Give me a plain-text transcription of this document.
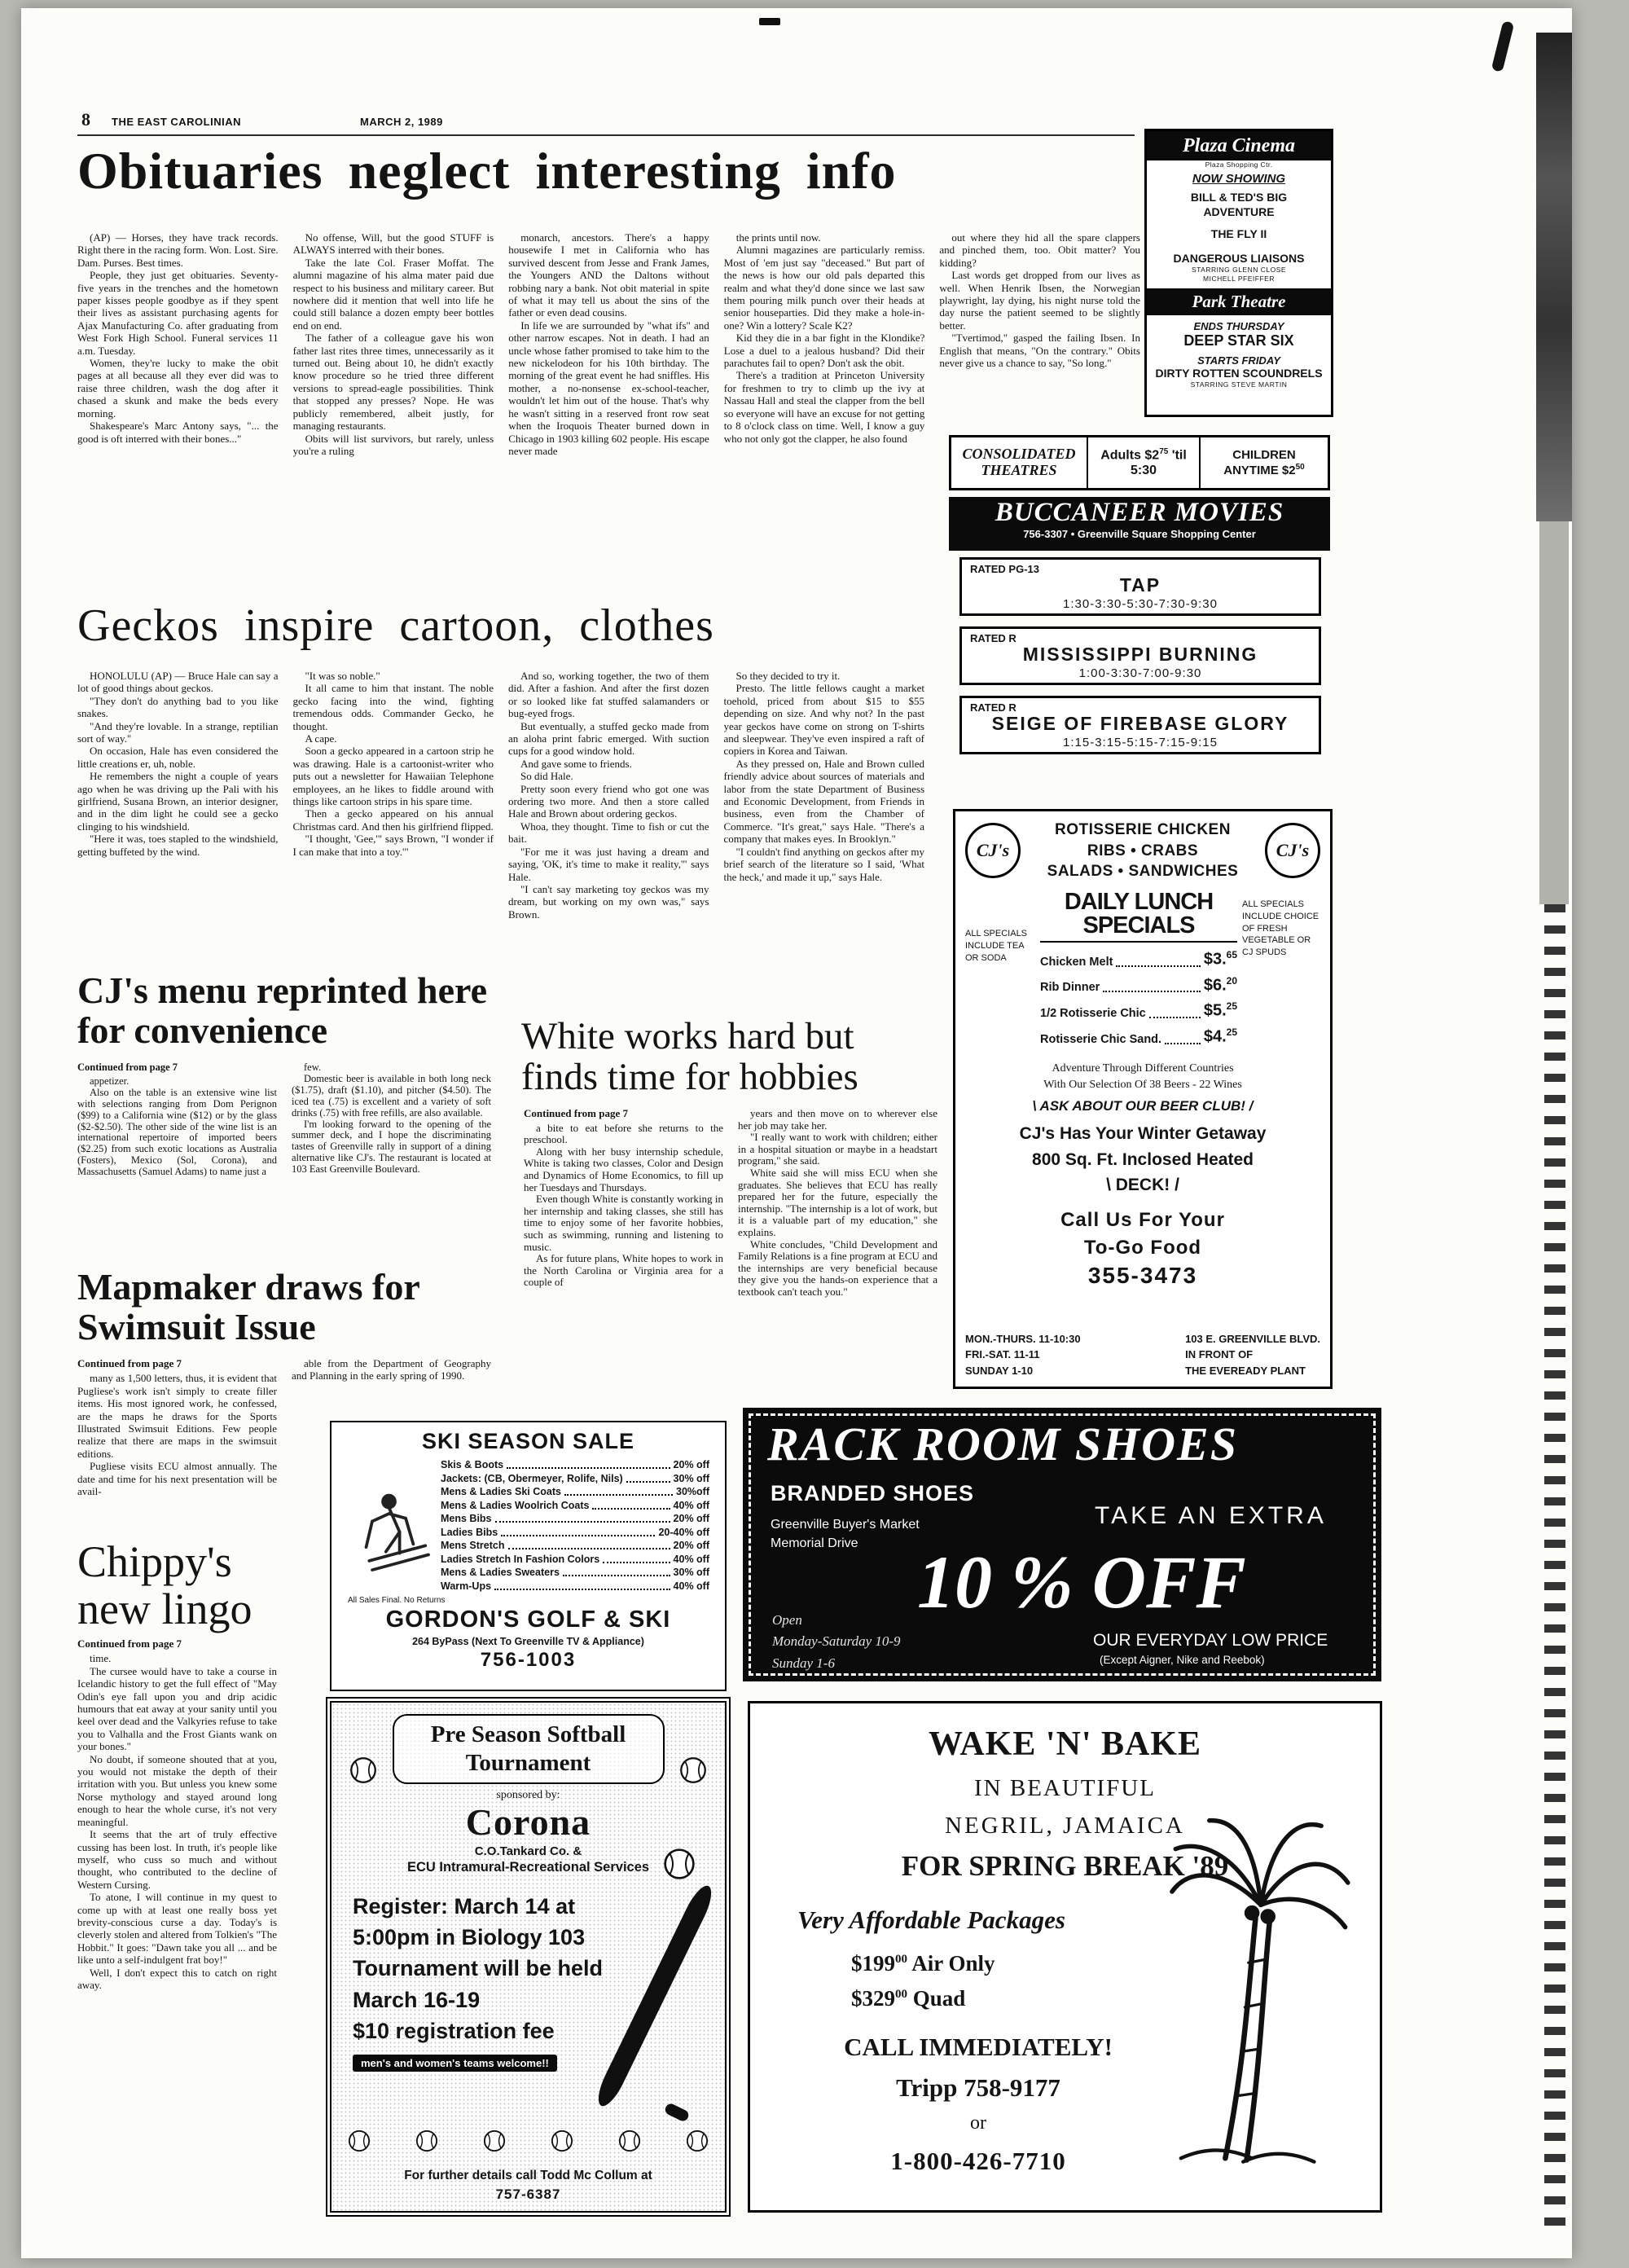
8 THE EAST CAROLINIAN	MARCH 2, 1989
Obituaries neglect interesting info

(AP) — Horses, they have track records. Right there in the racing form. Won. Lost. Sire. Dam. Purses. Best times.

People, they just get obituaries. Seventy-five years in the trenches and the hometown paper kisses people goodbye as if they spent their lives as assistant purchasing agents for Ajax Manufacturing Co. after graduating from West Fork High School. Funeral services 11 a.m. Tuesday.

Women, they're lucky to make the obit pages at all because all they ever did was to raise three children, wash the dog after it chased a skunk and make the beds every morning.

Shakespeare's Marc Antony says, "... the good is oft interred with their bones..."

No offense, Will, but the good STUFF is ALWAYS interred with their bones.

Take the late Col. Fraser Moffat. The alumni magazine of his alma mater paid due respect to his business and military career. But nowhere did it mention that well into life he could still balance a dozen empty beer bottles end on end.

The father of a colleague gave his won father last rites three times, unnecessarily as it turned out. Being about 10, he didn't exactly know procedure so he tried three different versions to spread-eagle possibilities. Think that stopped any presses? Nope. He was publicly remembered, albeit justly, for managing restaurants.

Obits will list survivors, but rarely, unless you're a ruling

monarch, ancestors. There's a happy housewife I met in California who has survived descent from Jesse and Frank James, the Youngers AND the Daltons without robbing nary a bank. Not obit material in spite of what it may tell us about the sins of the father or even dead cousins.

In life we are surrounded by "what ifs" and other narrow escapes. Not in death. I had an uncle whose father promised to take him to the new nickelodeon for his 10th birthday. The morning of the great event he had sniffles. His mother, a no-nonsense ex-school-teacher, wouldn't let him out of the house. That's why he wasn't sitting in a reserved front row seat when the Iroquois Theater burned down in Chicago in 1903 killing 602 people. His escape never made

the prints until now.

Alumni magazines are particularly remiss. Most of 'em just say "deceased." But part of the news is how our old pals departed this realm and what they'd done since we last saw them pouring milk punch over their heads at senior houseparties. Did they make a hole-in-one? Win a lottery? Scale K2?

Kid they die in a bar fight in the Klondike? Lose a duel to a jealous husband? Did their parachutes fail to open? Don't ask the obit.

There's a tradition at Princeton University for freshmen to try to climb up the ivy at Nassau Hall and steal the clapper from the bell so everyone will have an excuse for not getting to 8 o'clock class on time. Well, I know a guy who not only got the clapper, he also found

out where they hid all the spare clappers and pinched them, too. Obit matter? You kidding?

Last words get dropped from our lives as well. When Henrik Ibsen, the Norwegian playwright, lay dying, his night nurse told the day nurse the patient seemed to be slightly better.

"Tvertimod," gasped the failing Ibsen. In English that means, "On the contrary." Obits never give us a chance to say, "So long."

Geckos inspire cartoon, clothes

HONOLULU (AP) — Bruce Hale can say a lot of good things about geckos.

"They don't do anything bad to you like snakes.

"And they're lovable. In a strange, reptilian sort of way."

On occasion, Hale has even considered the little creations er, uh, noble.

He remembers the night a couple of years ago when he was driving up the Pali with his girlfriend, Susana Brown, an interior designer, and in the dim light he could see a gecko clinging to his windshield.

"Here it was, toes stapled to the windshield, getting buffeted by the wind.

"It was so noble."

It all came to him that instant. The noble gecko facing into the wind, fighting tremendous odds. Commander Gecko, he thought.

A cape.

Soon a gecko appeared in a cartoon strip he was drawing. Hale is a cartoonist-writer who puts out a newsletter for Hawaiian Telephone employees, an he likes to fiddle around with things like cartoon strips in his spare time.

Then a gecko appeared on his annual Christmas card. And then his girlfriend flipped.

"I thought, 'Gee,'" says Brown, "I wonder if I can make that into a toy.'"

And so, working together, the two of them did. After a fashion. And after the first dozen or so looked like fat stuffed salamanders or bug-eyed frogs.

But eventually, a stuffed gecko made from an aloha print fabric emerged. With suction cups for a good window hold.

And gave some to friends.

So did Hale.

Pretty soon every friend who got one was ordering two more. And then a store called Hale and Brown about ordering geckos.

Whoa, they thought. Time to fish or cut the bait.

"For me it was just having a dream and saying, 'OK, it's time to make it reality,'" says Hale.

"I can't say marketing toy geckos was my dream, but working on my own was," says Brown.

So they decided to try it.

Presto. The little fellows caught a market toehold, priced from about $15 to $55 depending on size. And why not? In the past year geckos have come on strong on T-shirts and sleepwear. They've even inspired a raft of copiers in Korea and Taiwan.

As they pressed on, Hale and Brown culled friendly advice about sources of materials and labor from the state Department of Business and Economic Development, from Friends in business, even from the Chamber of Commerce. "It's great," says Hale. "There's a company that makes eyes. In Brooklyn."

"I couldn't find anything on geckos after my brief search of the literature so I said, 'What the heck,' and made it up," says Hale.

CJ's menu reprinted here for convenience

Continued from page 7

appetizer.

Also on the table is an extensive wine list with selections ranging from Dom Perignon ($99) to a California wine ($12) or by the glass ($2-$2.50). The other side of the wine list is an international repertoire of imported beers ($2.25) from such exotic locations as Australia (Fosters), Mexico (Sol, Corona), and Massachusetts (Samuel Adams) to name just a

few.

Domestic beer is available in both long neck ($1.75), draft ($1.10), and pitcher ($4.50). The iced tea (.75) is excellent and a variety of soft drinks (.75) with free refills, are also available.

I'm looking forward to the opening of the summer deck, and I hope the discriminating tastes of Greenville rally in support of a dining alternative like CJ's. The restaurant is located at 103 East Greenville Boulevard.

White works hard but finds time for hobbies

Continued from page 7

a bite to eat before she returns to the preschool.

Along with her busy internship schedule, White is taking two classes, Color and Design and Dynamics of Home Economics, to fill up her Tuesdays and Thursdays.

Even though White is constantly working in her internship and taking classes, she still has time to enjoy some of her favorite hobbies, such as swimming, running and listening to music.

As for future plans, White hopes to work in the North Carolina or Virginia area for a couple of

years and then move on to wherever else her job may take her.

"I really want to work with children; either in a hospital situation or maybe in a headstart program," she said.

White said she will miss ECU when she graduates. She believes that ECU has really prepared her for the future, especially the internship. "The internship is a lot of work, but it is a valuable part of my education," she explains.

White concludes, "Child Development and Family Relations is a fine program at ECU and the internships are very beneficial because they give you the hands-on experience that a textbook can't teach you."

Mapmaker draws for Swimsuit Issue

Continued from page 7

many as 1,500 letters, thus, it is evident that Pugliese's work isn't simply to create filler items. His most ignored work, he confessed, are the maps he draws for the Sports Illustrated Swimsuit Editions. Few people realize that there are maps in the swimsuit editions.

Pugliese visits ECU almost annually. The date and time for his next presentation will be avail-

able from the Department of Geography and Planning in the early spring of 1990.

Chippy's new lingo

Continued from page 7

time.

The cursee would have to take a course in Icelandic history to get the full effect of "May Odin's eye fall upon you and drip acidic humours that eat away at your sanity until you keel over dead and the Valkyries refuse to take you to Valhalla and the Frost Giants wank on your bones."

No doubt, if someone shouted that at you, you would not mistake the depth of their irritation with you. But unless you knew some Norse mythology and stayed around long enough to hear the whole curse, it's not very meaningful.

It seems that the art of truly effective cussing has been lost. In truth, it's people like myself, who cuss so much and without thought, who contributed to the decline of Western Cursing.

To atone, I will continue in my quest to come up with at least one really boss yet brevity-conscious curse a day. Today's is cleverly stolen and altered from Tolkien's "The Hobbit." It goes: "Dawn take you all ... and be like unto a self-indulgent frat boy!"

Well, I don't expect this to catch on right away.

Plaza Cinema
Plaza Shopping Ctr.
NOW SHOWING
BILL & TED'S BIG
ADVENTURE
THE FLY II
DANGEROUS LIAISONS
STARRING GLENN CLOSE
MICHELL PFEIFFER
Park Theatre
ENDS THURSDAY
DEEP STAR SIX
STARTS FRIDAY
DIRTY ROTTEN SCOUNDRELS
STARRING STEVE MARTIN
CONSOLIDATED
THEATRES
Adults $\$2^{75}$ 'til
5:30
CHILDREN
ANYTIME $\$2^{50}$
BUCCANEER MOVIES
756-3307 • Greenville Square Shopping Center
RATED PG-13
TAP
1:30-3:30-5:30-7:30-9:30
RATED R
MISSISSIPPI BURNING
1:00-3:30-7:00-9:30
RATED R
SEIGE OF FIREBASE GLORY
1:15-3:15-5:15-7:15-9:15
CJ's
ROTISSERIE CHICKEN
RIBS • CRABS
SALADS • SANDWICHES
CJ's
ALL SPECIALS INCLUDE TEA OR SODA
DAILY LUNCH SPECIALS
Chicken Melt	$3.65
Rib Dinner	$6.20
1/2 Rotisserie Chic	$5.25
Rotisserie Chic Sand.	$4.25
ALL SPECIALS INCLUDE CHOICE OF FRESH VEGETABLE OR CJ SPUDS
Adventure Through Different Countries
With Our Selection Of 38 Beers - 22 Wines
\ ASK ABOUT OUR BEER CLUB! /
CJ's Has Your Winter Getaway
800 Sq. Ft. Inclosed Heated
\ DECK! /
Call Us For Your
To-Go Food
355-3473
MON.-THURS. 11-10:30
FRI.-SAT. 11-11
SUNDAY 1-10
103 E. GREENVILLE BLVD.
IN FRONT OF
THE EVEREADY PLANT
SKI SEASON SALE
Skis & Boots	20% off
Jackets: (CB, Obermeyer, Rolife, Nils)	30% off
Mens & Ladies Ski Coats	30%off
Mens & Ladies Woolrich Coats	40% off
Mens Bibs	20% off
Ladies Bibs	20-40% off
Mens Stretch	20% off
Ladies Stretch In Fashion Colors	40% off
Mens & Ladies Sweaters	30% off
Warm-Ups	40% off
All Sales Final. No Returns
GORDON'S GOLF & SKI
264 ByPass (Next To Greenville TV & Appliance)
756-1003
RACK ROOM SHOES
BRANDED SHOES
Greenville Buyer's Market
Memorial Drive
TAKE AN EXTRA
10 % OFF
OUR EVERYDAY LOW PRICE
(Except Aigner, Nike and Reebok)
Open
Monday-Saturday 10-9
Sunday 1-6
Pre Season Softball
Tournament
sponsored by:
Corona
C.O.Tankard Co. &
ECU Intramural-Recreational Services
Register: March 14 at
5:00pm in Biology 103
Tournament will be held
March 16-19
$10 registration fee
men's and women's teams welcome!!
For further details call Todd Mc Collum at
757-6387
WAKE 'N' BAKE
IN BEAUTIFUL
NEGRIL, JAMAICA
FOR SPRING BREAK '89
Very Affordable Packages
$\$199^{00}$ Air Only
$\$329^{00}$ Quad
CALL IMMEDIATELY!
Tripp 758-9177
or
1-800-426-7710
